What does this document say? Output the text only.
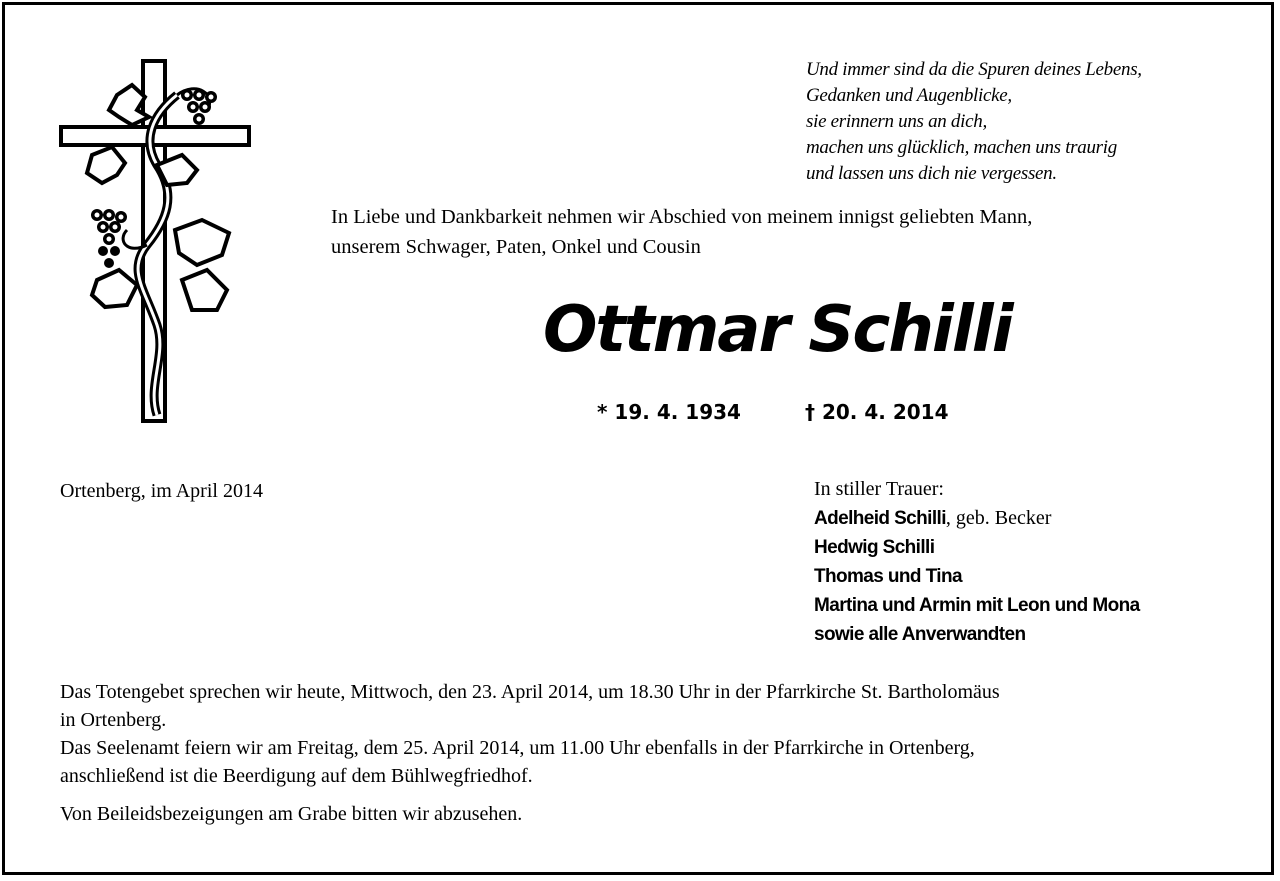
Und immer sind da die Spuren deines Lebens,
Gedanken und Augenblicke,
sie erinnern uns an dich,
machen uns glücklich, machen uns traurig
und lassen uns dich nie vergessen.
In Liebe und Dankbarkeit nehmen wir Abschied von meinem innigst geliebten Mann,
unserem Schwager, Paten, Onkel und Cousin
Ottmar Schilli
* 19. 4. 1934	† 20. 4. 2014
Ortenberg, im April 2014	In stiller Trauer:
Adelheid Schilli, geb. Becker
Hedwig Schilli
Thomas und Tina
Martina und Armin mit Leon und Mona
sowie alle Anverwandten
Das Totengebet sprechen wir heute, Mittwoch, den 23. April 2014, um 18.30 Uhr in der Pfarrkirche St. Bartholomäus
in Ortenberg.
Das Seelenamt feiern wir am Freitag, dem 25. April 2014, um 11.00 Uhr ebenfalls in der Pfarrkirche in Ortenberg,
anschließend ist die Beerdigung auf dem Bühlwegfriedhof.
Von Beileidsbezeigungen am Grabe bitten wir abzusehen.
